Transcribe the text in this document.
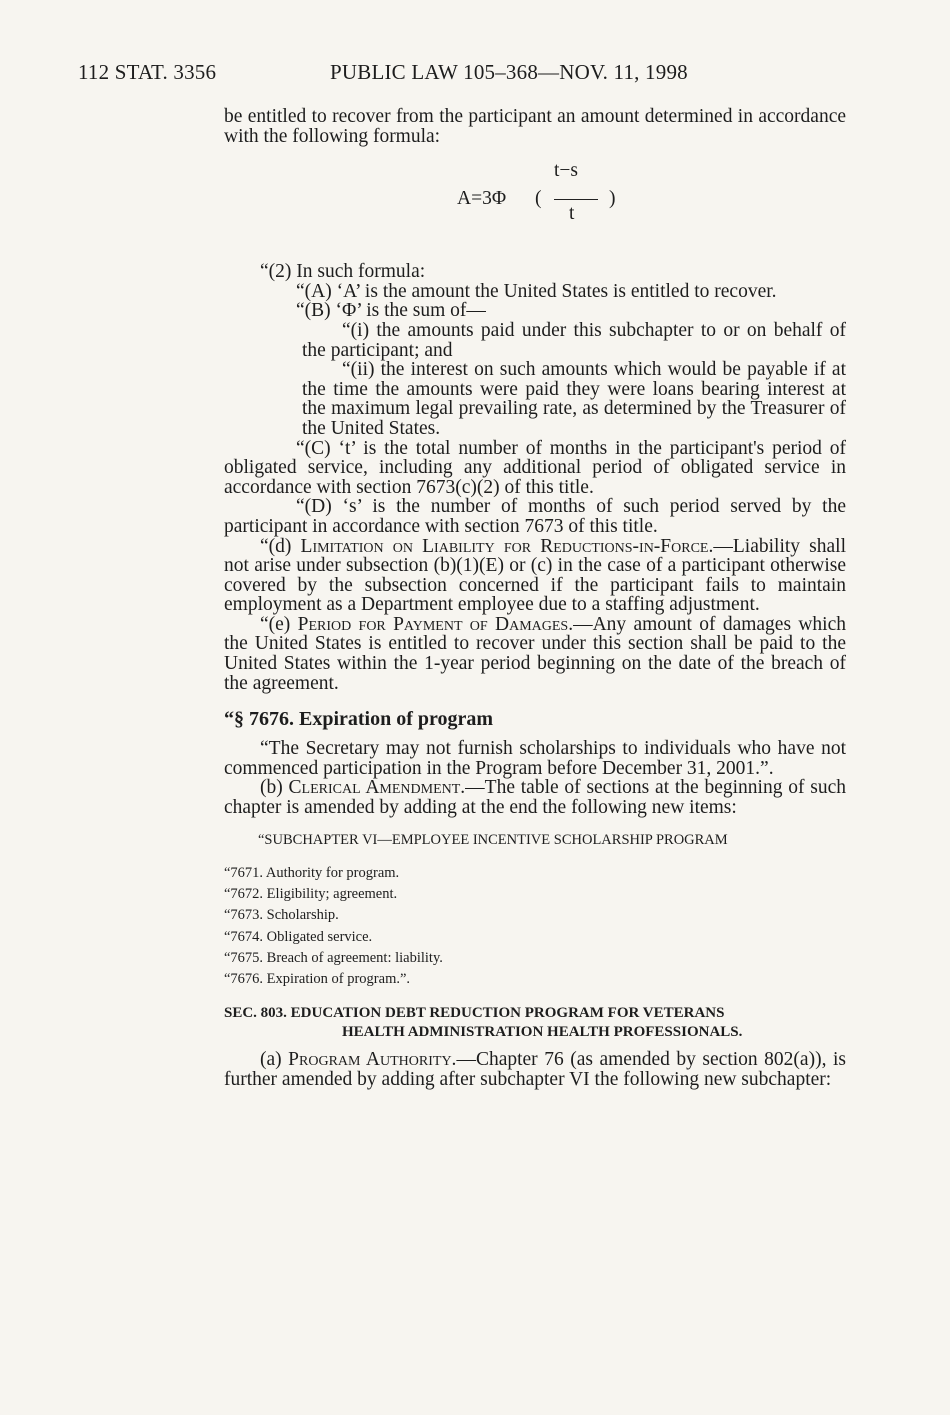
112 STAT. 3356	PUBLIC LAW 105–368—NOV. 11, 1998

be entitled to recover from the participant an amount determined in accordance with the following formula:

A=3Φ (
t−s
t
)

“(2) In such formula:

“(A) ‘A’ is the amount the United States is entitled to recover.

“(B) ‘Φ’ is the sum of—

“(i) the amounts paid under this subchapter to or on behalf of the participant; and

“(ii) the interest on such amounts which would be payable if at the time the amounts were paid they were loans bearing interest at the maximum legal prevailing rate, as determined by the Treasurer of the United States.

“(C) ‘t’ is the total number of months in the participant's period of obligated service, including any additional period of obligated service in accordance with section 7673(c)(2) of this title.

“(D) ‘s’ is the number of months of such period served by the participant in accordance with section 7673 of this title.

“(d) Limitation on Liability for Reductions-in-Force.—Liability shall not arise under subsection (b)(1)(E) or (c) in the case of a participant otherwise covered by the subsection concerned if the participant fails to maintain employment as a Department employee due to a staffing adjustment.

“(e) Period for Payment of Damages.—Any amount of damages which the United States is entitled to recover under this section shall be paid to the United States within the 1-year period beginning on the date of the breach of the agreement.

“§ 7676. Expiration of program

“The Secretary may not furnish scholarships to individuals who have not commenced participation in the Program before December 31, 2001.”.

(b) Clerical Amendment.—The table of sections at the beginning of such chapter is amended by adding at the end the following new items:

“SUBCHAPTER VI—EMPLOYEE INCENTIVE SCHOLARSHIP PROGRAM
“7671. Authority for program.
“7672. Eligibility; agreement.
“7673. Scholarship.
“7674. Obligated service.
“7675. Breach of agreement: liability.
“7676. Expiration of program.”.
SEC. 803. EDUCATION DEBT REDUCTION PROGRAM FOR VETERANS
HEALTH ADMINISTRATION HEALTH PROFESSIONALS.

(a) Program Authority.—Chapter 76 (as amended by section 802(a)), is further amended by adding after subchapter VI the following new subchapter:
